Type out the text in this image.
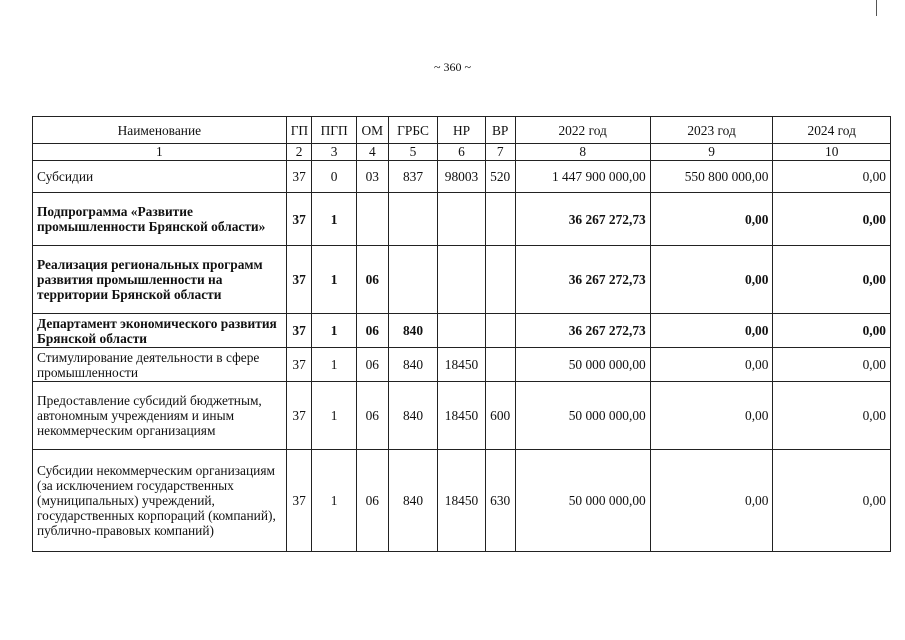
~ 360 ~
Наименование	ГП	ПГП	ОМ	ГРБС	НР	ВР	2022 год	2023 год	2024 год
1	2	3	4	5	6	7	8	9	10
Субсидии	37	0	03	837	98003	520	1 447 900 000,00	550 800 000,00	0,00
Подпрограмма «Развитие промышленности Брянской области»	37	1					36 267 272,73	0,00	0,00
Реализация региональных программ развития промышленности на территории Брянской области	37	1	06				36 267 272,73	0,00	0,00
Департамент экономического развития Брянской области	37	1	06	840			36 267 272,73	0,00	0,00
Стимулирование деятельности в сфере промышленности	37	1	06	840	18450		50 000 000,00	0,00	0,00
Предоставление субсидий бюджетным, автономным учреждениям и иным некоммерческим организациям	37	1	06	840	18450	600	50 000 000,00	0,00	0,00
Субсидии некоммерческим организациям (за исключением государственных (муниципальных) учреждений, государственных корпораций (компаний), публично-правовых компаний)	37	1	06	840	18450	630	50 000 000,00	0,00	0,00
